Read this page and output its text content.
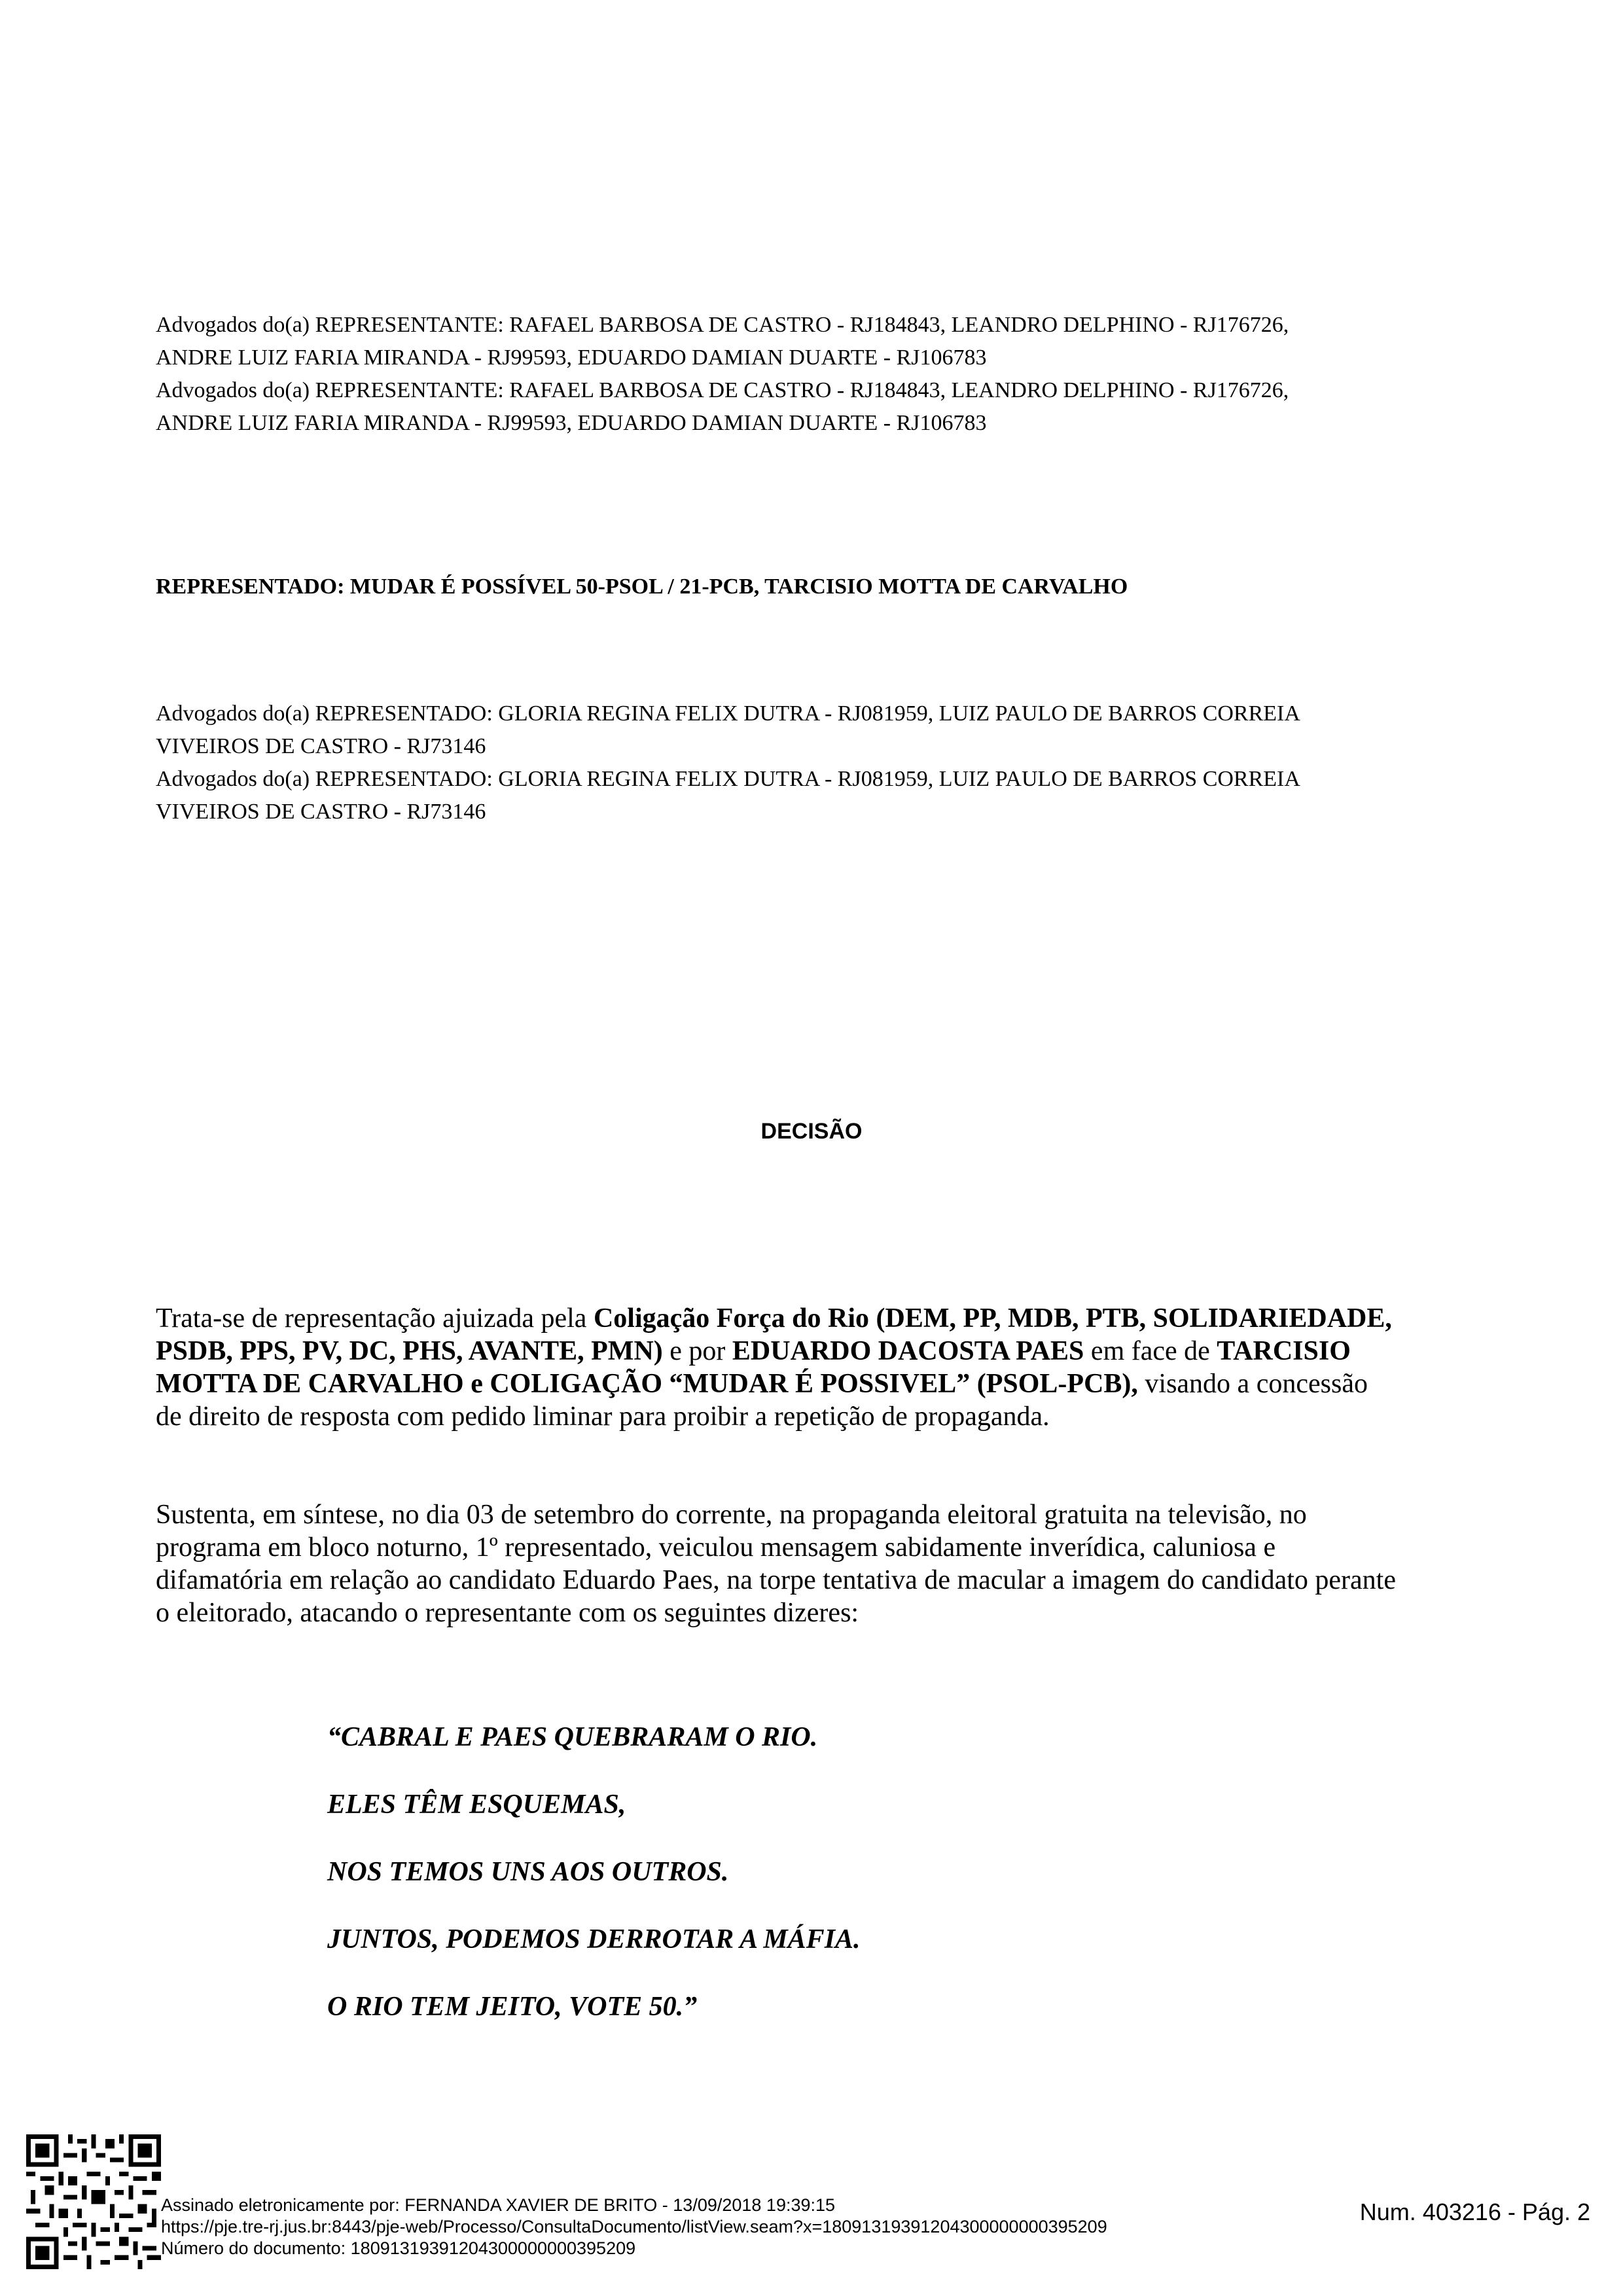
Advogados do(a) REPRESENTANTE: RAFAEL BARBOSA DE CASTRO - RJ184843, LEANDRO DELPHINO - RJ176726,
ANDRE LUIZ FARIA MIRANDA - RJ99593, EDUARDO DAMIAN DUARTE - RJ106783
Advogados do(a) REPRESENTANTE: RAFAEL BARBOSA DE CASTRO - RJ184843, LEANDRO DELPHINO - RJ176726,
ANDRE LUIZ FARIA MIRANDA - RJ99593, EDUARDO DAMIAN DUARTE - RJ106783
REPRESENTADO: MUDAR É POSSÍVEL 50-PSOL / 21-PCB, TARCISIO MOTTA DE CARVALHO
Advogados do(a) REPRESENTADO: GLORIA REGINA FELIX DUTRA - RJ081959, LUIZ PAULO DE BARROS CORREIA
VIVEIROS DE CASTRO - RJ73146
Advogados do(a) REPRESENTADO: GLORIA REGINA FELIX DUTRA - RJ081959, LUIZ PAULO DE BARROS CORREIA
VIVEIROS DE CASTRO - RJ73146
DECISÃO
Trata-se de representação ajuizada pela Coligação Força do Rio (DEM, PP, MDB, PTB, SOLIDARIEDADE, PSDB, PPS, PV, DC, PHS, AVANTE, PMN) e por EDUARDO DACOSTA PAES em face de TARCISIO MOTTA DE CARVALHO e COLIGAÇÃO “MUDAR É POSSIVEL” (PSOL-PCB), visando a concessão de direito de resposta com pedido liminar para proibir a repetição de propaganda.
Sustenta, em síntese, no dia 03 de setembro do corrente, na propaganda eleitoral gratuita na televisão, no programa em bloco noturno, 1º representado, veiculou mensagem sabidamente inverídica, caluniosa e difamatória em relação ao candidato Eduardo Paes, na torpe tentativa de macular a imagem do candidato perante o eleitorado, atacando o representante com os seguintes dizeres:
“CABRAL E PAES QUEBRARAM O RIO.
ELES TÊM ESQUEMAS,
NOS TEMOS UNS AOS OUTROS.
JUNTOS, PODEMOS DERROTAR A MÁFIA.
O RIO TEM JEITO, VOTE 50.”
Assinado eletronicamente por: FERNANDA XAVIER DE BRITO - 13/09/2018 19:39:15
https://pje.tre-rj.jus.br:8443/pje-web/Processo/ConsultaDocumento/listView.seam?x=18091319391204300000000395209
Número do documento: 18091319391204300000000395209
Num. 403216 - Pág. 2
